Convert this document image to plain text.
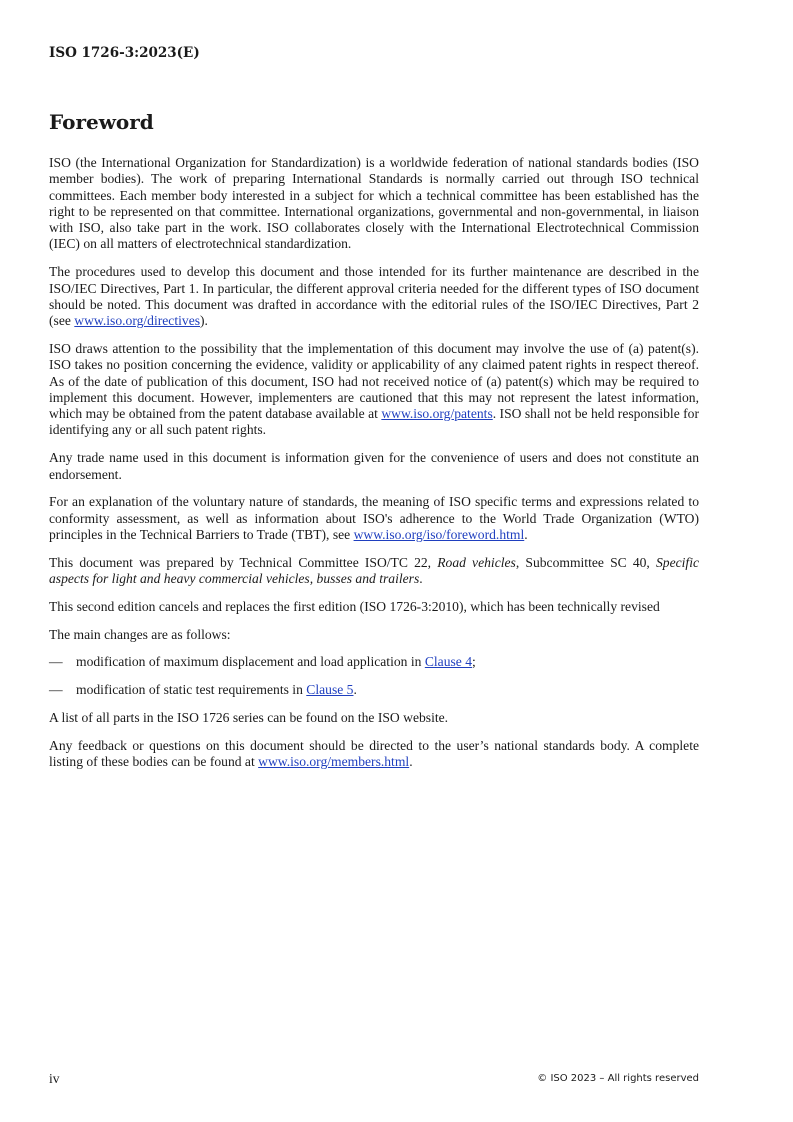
ISO 1726-3:2023(E)
Foreword

ISO (the International Organization for Standardization) is a worldwide federation of national standards bodies (ISO member bodies). The work of preparing International Standards is normally carried out through ISO technical committees. Each member body interested in a subject for which a technical committee has been established has the right to be represented on that committee. International organizations, governmental and non-governmental, in liaison with ISO, also take part in the work. ISO collaborates closely with the International Electrotechnical Commission (IEC) on all matters of electrotechnical standardization.

The procedures used to develop this document and those intended for its further maintenance are described in the ISO/IEC Directives, Part 1. In particular, the different approval criteria needed for the different types of ISO document should be noted. This document was drafted in accordance with the editorial rules of the ISO/IEC Directives, Part 2 (see www.iso.org/directives).

ISO draws attention to the possibility that the implementation of this document may involve the use of (a) patent(s). ISO takes no position concerning the evidence, validity or applicability of any claimed patent rights in respect thereof. As of the date of publication of this document, ISO had not received notice of (a) patent(s) which may be required to implement this document. However, implementers are cautioned that this may not represent the latest information, which may be obtained from the patent database available at www.iso.org/patents. ISO shall not be held responsible for identifying any or all such patent rights.

Any trade name used in this document is information given for the convenience of users and does not constitute an endorsement.

For an explanation of the voluntary nature of standards, the meaning of ISO specific terms and expressions related to conformity assessment, as well as information about ISO's adherence to the World Trade Organization (WTO) principles in the Technical Barriers to Trade (TBT), see www.iso.org/iso/foreword.html.

This document was prepared by Technical Committee ISO/TC 22, Road vehicles, Subcommittee SC 40, Specific aspects for light and heavy commercial vehicles, busses and trailers.

This second edition cancels and replaces the first edition (ISO 1726-3:2010), which has been technically revised

The main changes are as follows:

— modification of maximum displacement and load application in Clause 4;
— modification of static test requirements in Clause 5.

A list of all parts in the ISO 1726 series can be found on the ISO website.

Any feedback or questions on this document should be directed to the user’s national standards body. A complete listing of these bodies can be found at www.iso.org/members.html.

iv	© ISO 2023 – All rights reserved
